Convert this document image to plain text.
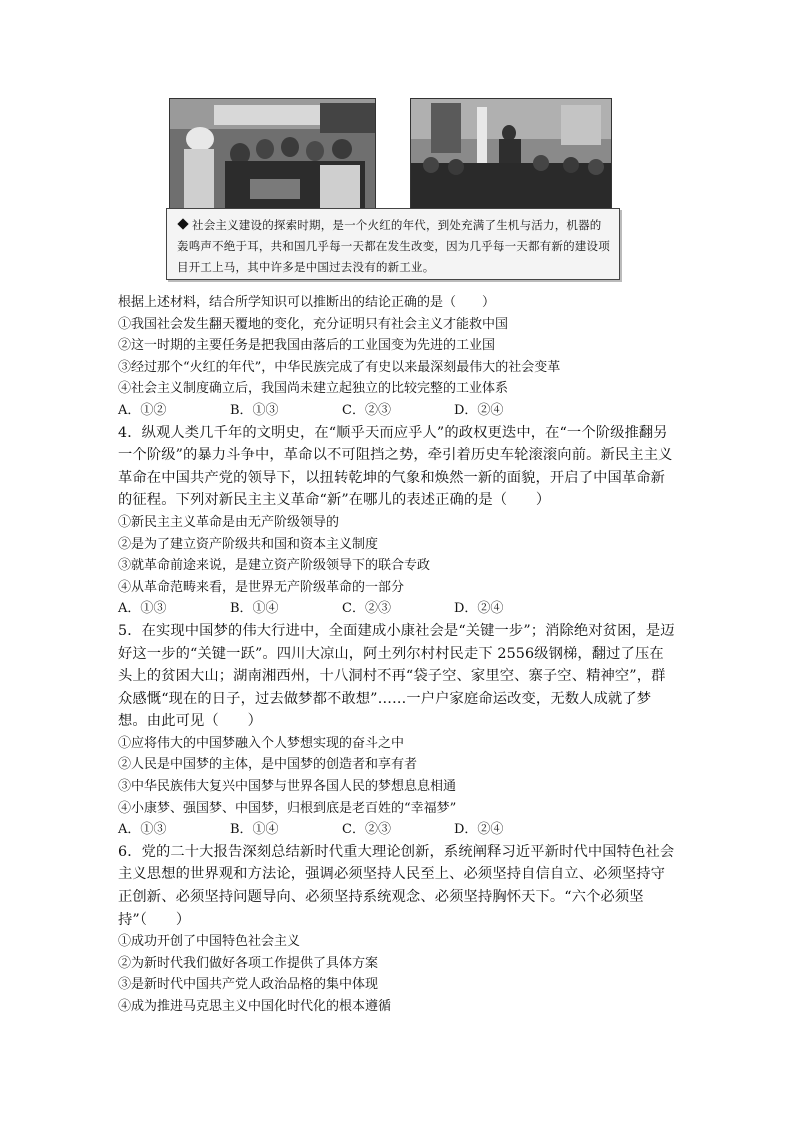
社会主义建设的探索时期，是一个火红的年代，到处充满了生机与活力，机器的轰鸣声不绝于耳，共和国几乎每一天都在发生改变，因为几乎每一天都有新的建设项目开工上马，其中许多是中国过去没有的新工业。

根据上述材料，结合所学知识可以推断出的结论正确的是（　　）

①我国社会发生翻天覆地的变化，充分证明只有社会主义才能救中国

②这一时期的主要任务是把我国由落后的工业国变为先进的工业国

③经过那个“火红的年代”，中华民族完成了有史以来最深刻最伟大的社会变革

④社会主义制度确立后，我国尚未建立起独立的比较完整的工业体系

A．①②	B．①③	C．②③	D．②④

4．纵观人类几千年的文明史，在“顺乎天而应乎人”的政权更迭中，在“一个阶级推翻另一个阶级”的暴力斗争中，革命以不可阻挡之势，牵引着历史车轮滚滚向前。新民主主义革命在中国共产党的领导下，以扭转乾坤的气象和焕然一新的面貌，开启了中国革命新的征程。下列对新民主主义革命“新”在哪儿的表述正确的是（　　）

①新民主主义革命是由无产阶级领导的

②是为了建立资产阶级共和国和资本主义制度

③就革命前途来说，是建立资产阶级领导下的联合专政

④从革命范畴来看，是世界无产阶级革命的一部分

A．①③	B．①④	C．②③	D．②④

5．在实现中国梦的伟大行进中，全面建成小康社会是“关键一步”；消除绝对贫困，是迈好这一步的“关键一跃”。四川大凉山，阿土列尔村村民走下 2556级钢梯，翻过了压在头上的贫困大山；湖南湘西州，十八洞村不再“袋子空、家里空、寨子空、精神空”，群众感慨“现在的日子，过去做梦都不敢想”……一户户家庭命运改变，无数人成就了梦想。由此可见（　　）

①应将伟大的中国梦融入个人梦想实现的奋斗之中

②人民是中国梦的主体，是中国梦的创造者和享有者

③中华民族伟大复兴中国梦与世界各国人民的梦想息息相通

④小康梦、强国梦、中国梦，归根到底是老百姓的“幸福梦”

A．①③	B．①④	C．②③	D．②④

6．党的二十大报告深刻总结新时代重大理论创新，系统阐释习近平新时代中国特色社会主义思想的世界观和方法论，强调必须坚持人民至上、必须坚持自信自立、必须坚持守正创新、必须坚持问题导向、必须坚持系统观念、必须坚持胸怀天下。“六个必须坚持”（　　）

①成功开创了中国特色社会主义

②为新时代我们做好各项工作提供了具体方案

③是新时代中国共产党人政治品格的集中体现

④成为推进马克思主义中国化时代化的根本遵循
